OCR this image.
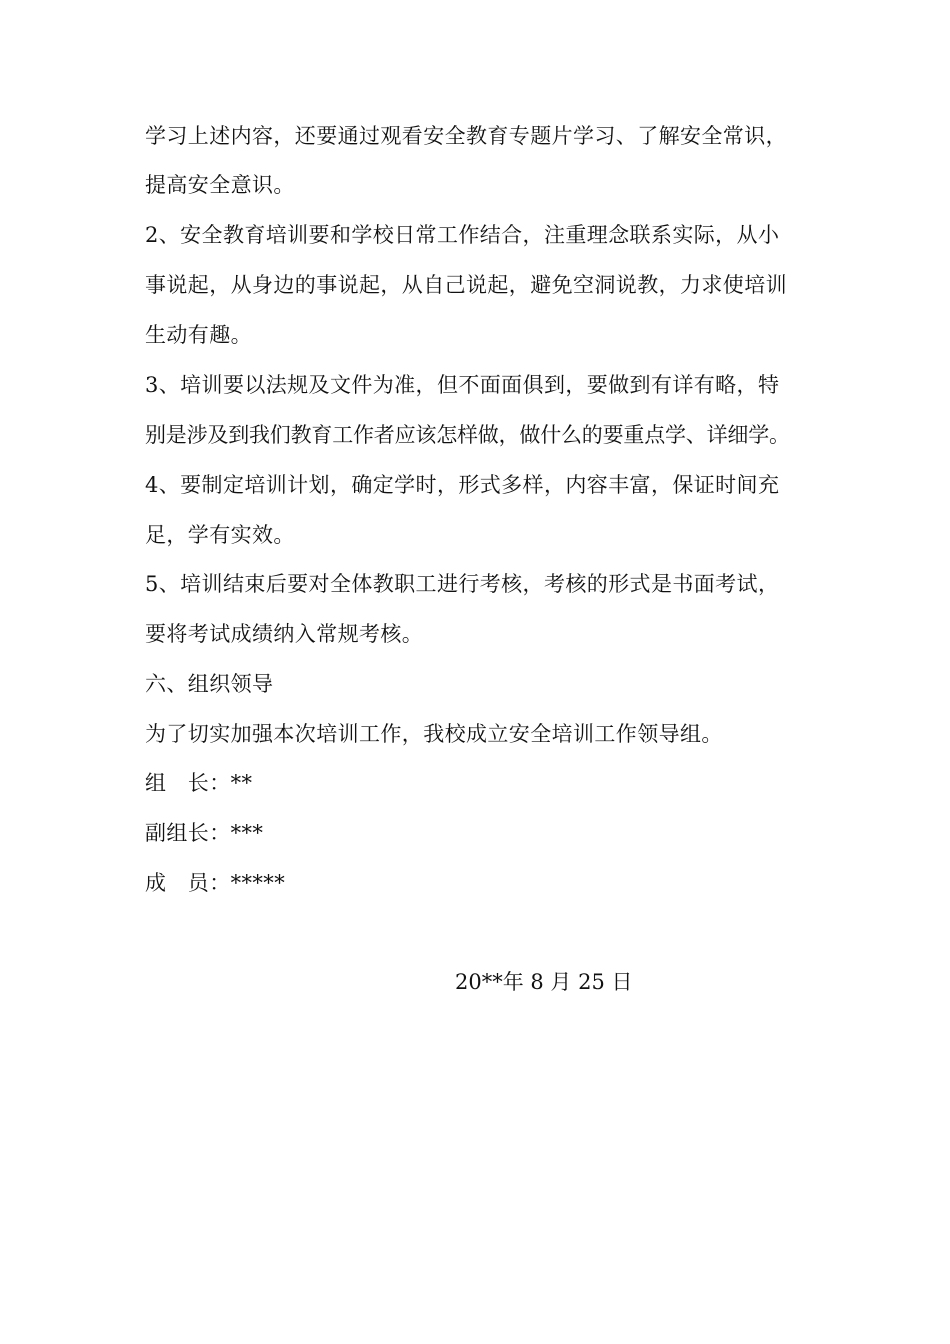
学习上述内容，还要通过观看安全教育专题片学习、了解安全常识，
提高安全意识。
2、安全教育培训要和学校日常工作结合，注重理念联系实际，从小
事说起，从身边的事说起，从自己说起，避免空洞说教，力求使培训
生动有趣。
3、培训要以法规及文件为准，但不面面俱到，要做到有详有略，特
别是涉及到我们教育工作者应该怎样做，做什么的要重点学、详细学。
4、要制定培训计划，确定学时，形式多样，内容丰富，保证时间充
足，学有实效。
5、培训结束后要对全体教职工进行考核，考核的形式是书面考试，
要将考试成绩纳入常规考核。
六、组织领导
为了切实加强本次培训工作，我校成立安全培训工作领导组。
组　长：**
副组长：***
成　员：*****
20**年 8 月 25 日
